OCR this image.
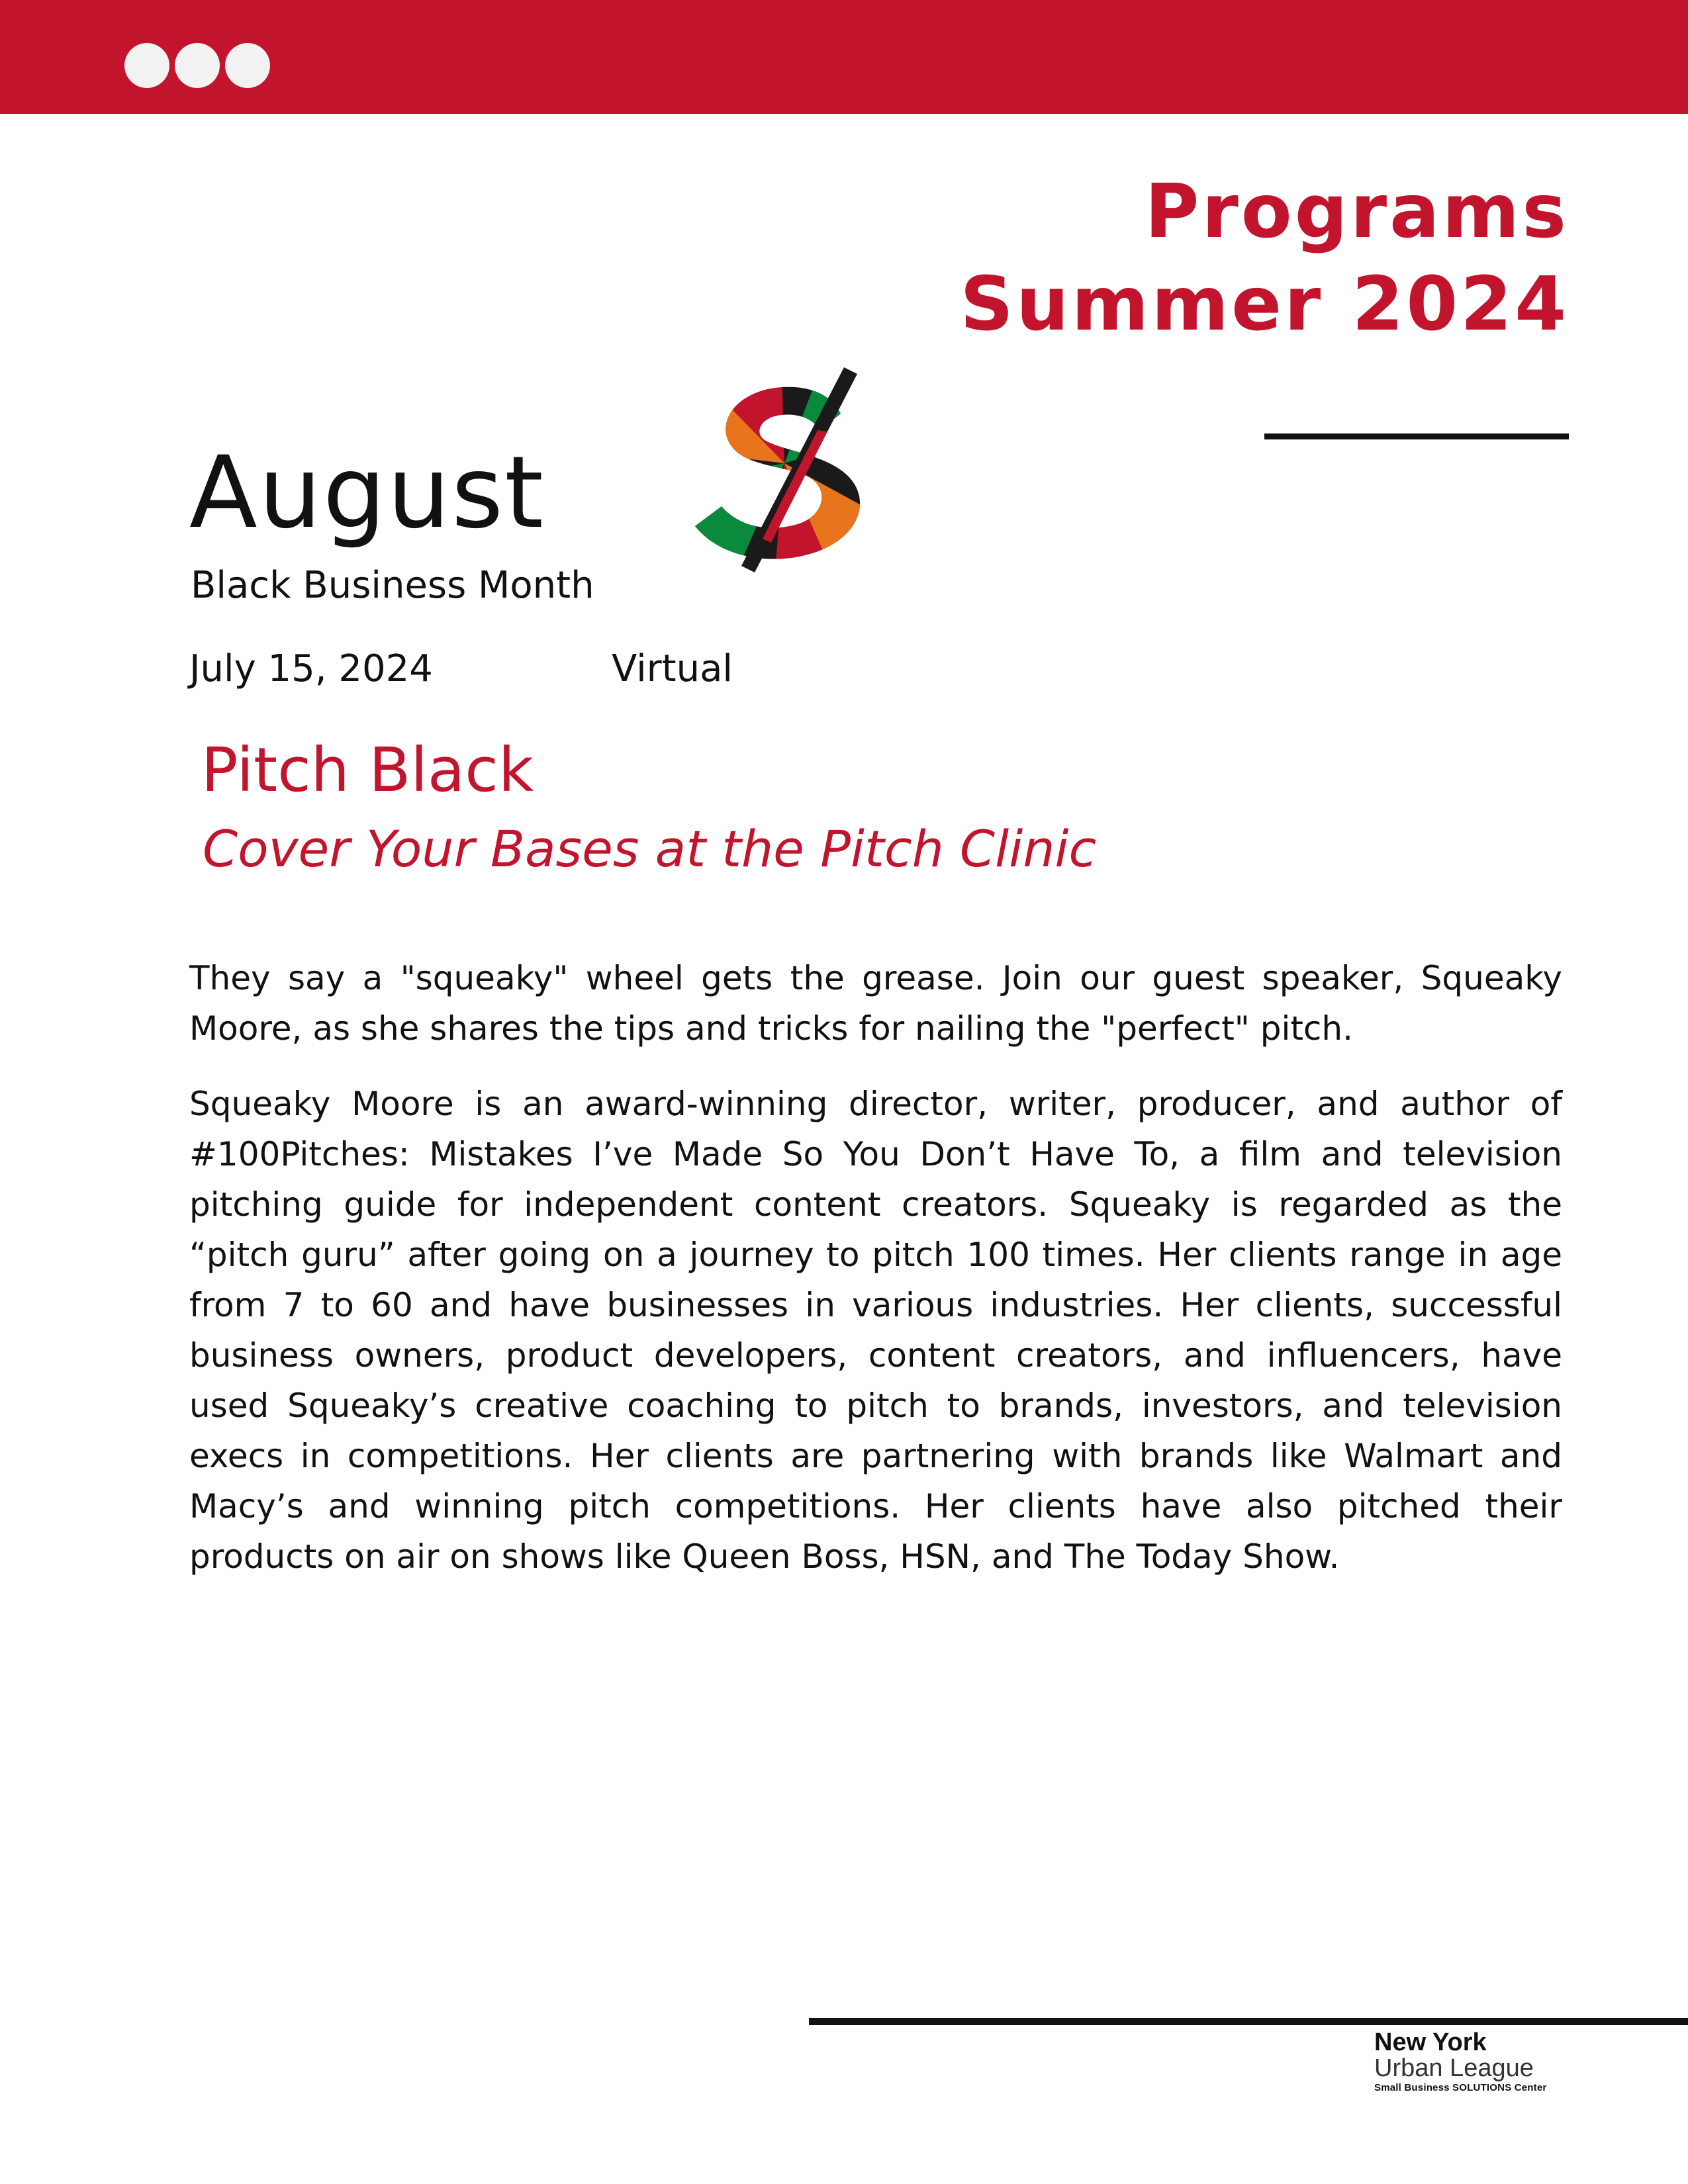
Programs
Summer 2024
August
Black Business Month
July 15, 2024	Virtual
Pitch Black
Cover Your Bases at the Pitch Clinic

They say a "squeaky" wheel gets the grease. Join our guest speaker, Squeaky Moore, as she shares the tips and tricks for nailing the "perfect" pitch.

Squeaky Moore is an award-winning director, writer, producer, and author of #100Pitches: Mistakes I’ve Made So You Don’t Have To, a film and television pitching guide for independent content creators. Squeaky is regarded as the “pitch guru” after going on a journey to pitch 100 times. Her clients range in age from 7 to 60 and have businesses in various industries. Her clients, successful business owners, product developers, content creators, and influencers, have used Squeaky’s creative coaching to pitch to brands, investors, and television execs in competitions. Her clients are partnering with brands like Walmart and Macy’s and winning pitch competitions. Her clients have also pitched their products on air on shows like Queen Boss, HSN, and The Today Show.

New York
Urban League
Small Business SOLUTIONS Center
